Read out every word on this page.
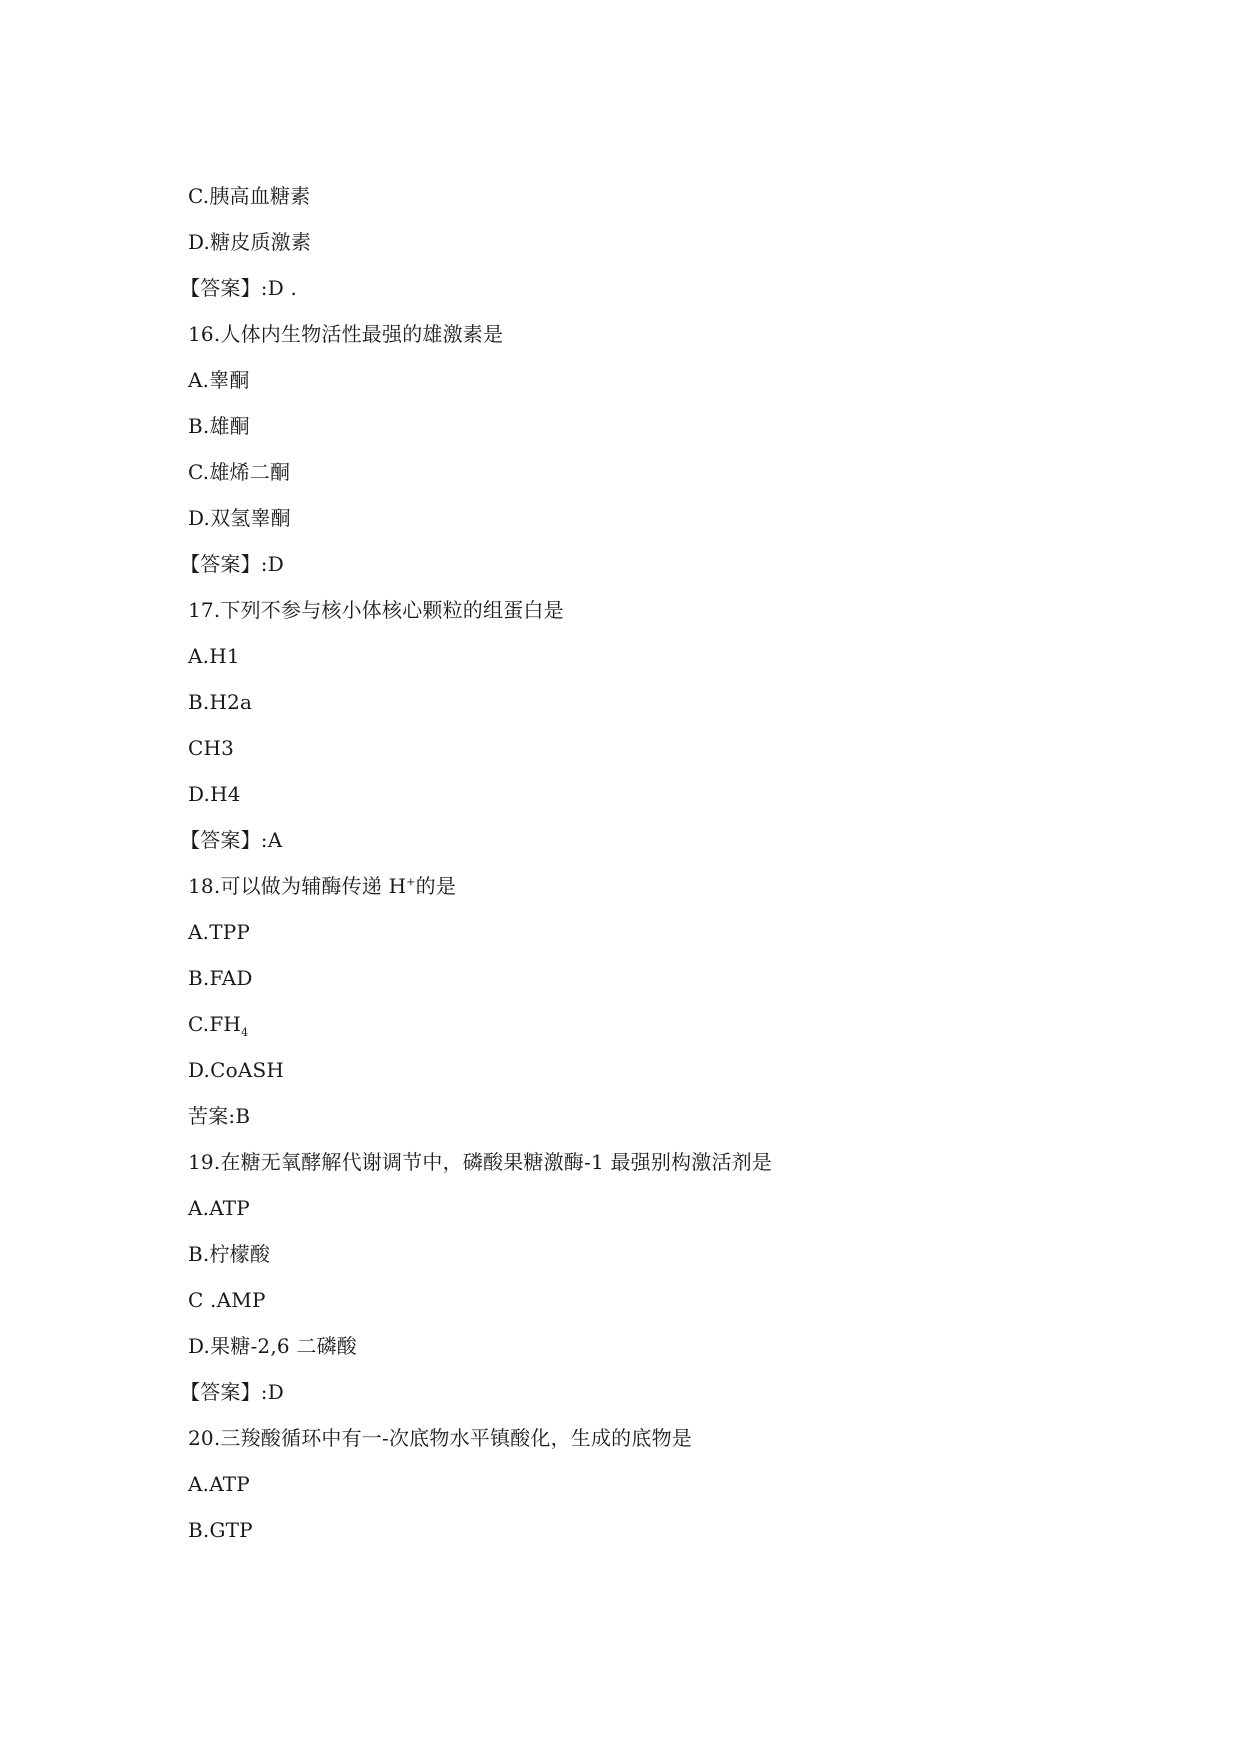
C.胰高血糖素
D.糖皮质激素
【答案】:D .
16.人体内生物活性最强的雄激素是
A.睾酮
B.雄酮
C.雄烯二酮
D.双氢睾酮
【答案】:D
17.下列不参与核小体核心颗粒的组蛋白是
A.H1
B.H2a
CH3
D.H4
【答案】:A
18.可以做为辅酶传递 H+的是
A.TPP
B.FAD
$C.FH_4$
D.CoASH
苦案:B
19.在糖无氧酵解代谢调节中，磷酸果糖激酶-1 最强别构激活剂是
A.ATP
B.柠檬酸
C .AMP
D.果糖-2,6 二磷酸
【答案】:D
20.三羧酸循环中有一-次底物水平镇酸化，生成的底物是
A.ATP
B.GTP
